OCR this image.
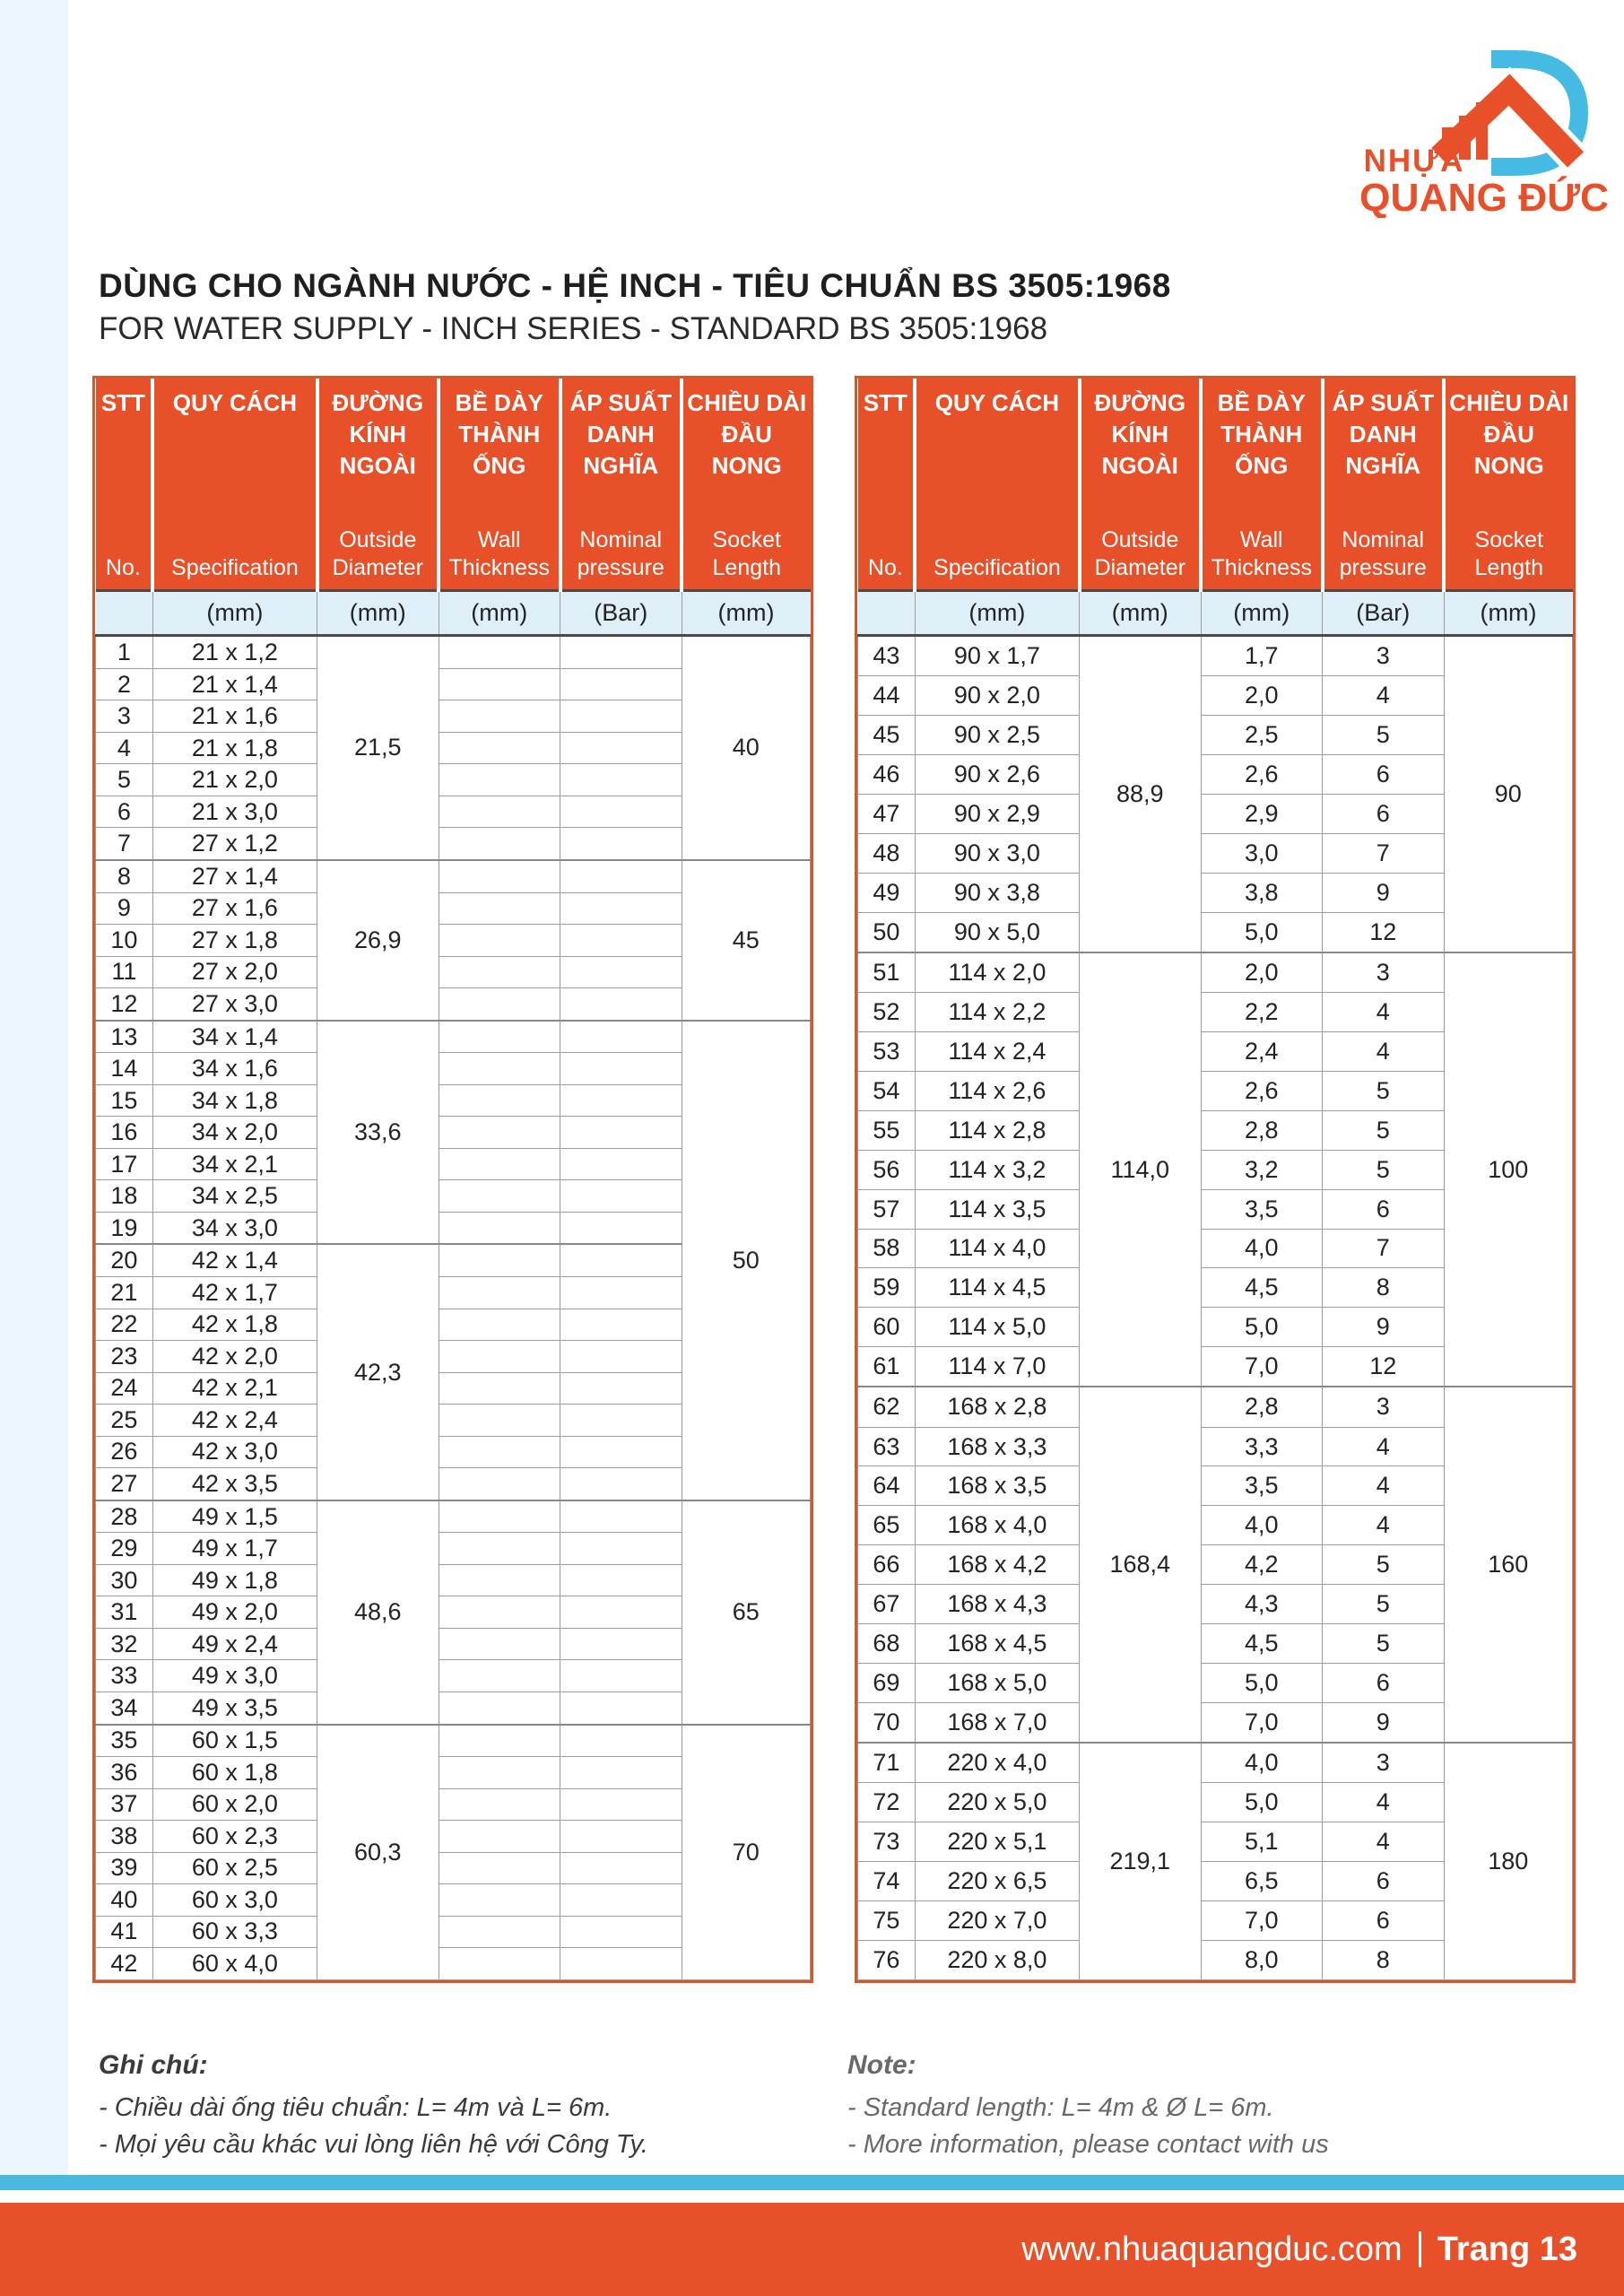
NHỰA
QUANG ĐỨC
DÙNG CHO NGÀNH NƯỚC - HỆ INCH - TIÊU CHUẨN BS 3505:1968
FOR WATER SUPPLY - INCH SERIES - STANDARD BS 3505:1968
STT
No.

QUY CÁCH
Specification

ĐƯỜNG KÍNH NGOÀI
Outside Diameter

BỀ DÀY THÀNH ỐNG
Wall Thickness

ÁP SUẤT DANH NGHĨA
Nominal pressure

CHIỀU DÀI ĐẦU NONG
Socket Length

	(mm)	(mm)	(mm)	(Bar)	(mm)
1	21 x 1,2	21,5			40
2	21 x 1,4				
3	21 x 1,6				
4	21 x 1,8				
5	21 x 2,0				
6	21 x 3,0				
7	27 x 1,2				
8	27 x 1,4	26,9			45
9	27 x 1,6				
10	27 x 1,8				
11	27 x 2,0				
12	27 x 3,0				
13	34 x 1,4	33,6			50
14	34 x 1,6				
15	34 x 1,8				
16	34 x 2,0				
17	34 x 2,1				
18	34 x 2,5				
19	34 x 3,0				
20	42 x 1,4	42,3			
21	42 x 1,7				
22	42 x 1,8				
23	42 x 2,0				
24	42 x 2,1				
25	42 x 2,4				
26	42 x 3,0				
27	42 x 3,5				
28	49 x 1,5	48,6			65
29	49 x 1,7				
30	49 x 1,8				
31	49 x 2,0				
32	49 x 2,4				
33	49 x 3,0				
34	49 x 3,5				
35	60 x 1,5	60,3			70
36	60 x 1,8				
37	60 x 2,0				
38	60 x 2,3				
39	60 x 2,5				
40	60 x 3,0				
41	60 x 3,3				
42	60 x 4,0				
STT
No.

QUY CÁCH
Specification

ĐƯỜNG KÍNH NGOÀI
Outside Diameter

BỀ DÀY THÀNH ỐNG
Wall Thickness

ÁP SUẤT DANH NGHĨA
Nominal pressure

CHIỀU DÀI ĐẦU NONG
Socket Length

	(mm)	(mm)	(mm)	(Bar)	(mm)
43	90 x 1,7	88,9	1,7	3	90
44	90 x 2,0		2,0	4	
45	90 x 2,5		2,5	5	
46	90 x 2,6		2,6	6	
47	90 x 2,9		2,9	6	
48	90 x 3,0		3,0	7	
49	90 x 3,8		3,8	9	
50	90 x 5,0		5,0	12	
51	114 x 2,0	114,0	2,0	3	100
52	114 x 2,2		2,2	4	
53	114 x 2,4		2,4	4	
54	114 x 2,6		2,6	5	
55	114 x 2,8		2,8	5	
56	114 x 3,2		3,2	5	
57	114 x 3,5		3,5	6	
58	114 x 4,0		4,0	7	
59	114 x 4,5		4,5	8	
60	114 x 5,0		5,0	9	
61	114 x 7,0		7,0	12	
62	168 x 2,8	168,4	2,8	3	160
63	168 x 3,3		3,3	4	
64	168 x 3,5		3,5	4	
65	168 x 4,0		4,0	4	
66	168 x 4,2		4,2	5	
67	168 x 4,3		4,3	5	
68	168 x 4,5		4,5	5	
69	168 x 5,0		5,0	6	
70	168 x 7,0		7,0	9	
71	220 x 4,0	219,1	4,0	3	180
72	220 x 5,0		5,0	4	
73	220 x 5,1		5,1	4	
74	220 x 6,5		6,5	6	
75	220 x 7,0		7,0	6	
76	220 x 8,0		8,0	8	
Ghi chú:
- Chiều dài ống tiêu chuẩn: L= 4m và L= 6m.
- Mọi yêu cầu khác vui lòng liên hệ với Công Ty.
Note:
- Standard length: L= 4m & Ø L= 6m.
- More information, please contact with us
www.nhuaquangduc.com Trang 13
